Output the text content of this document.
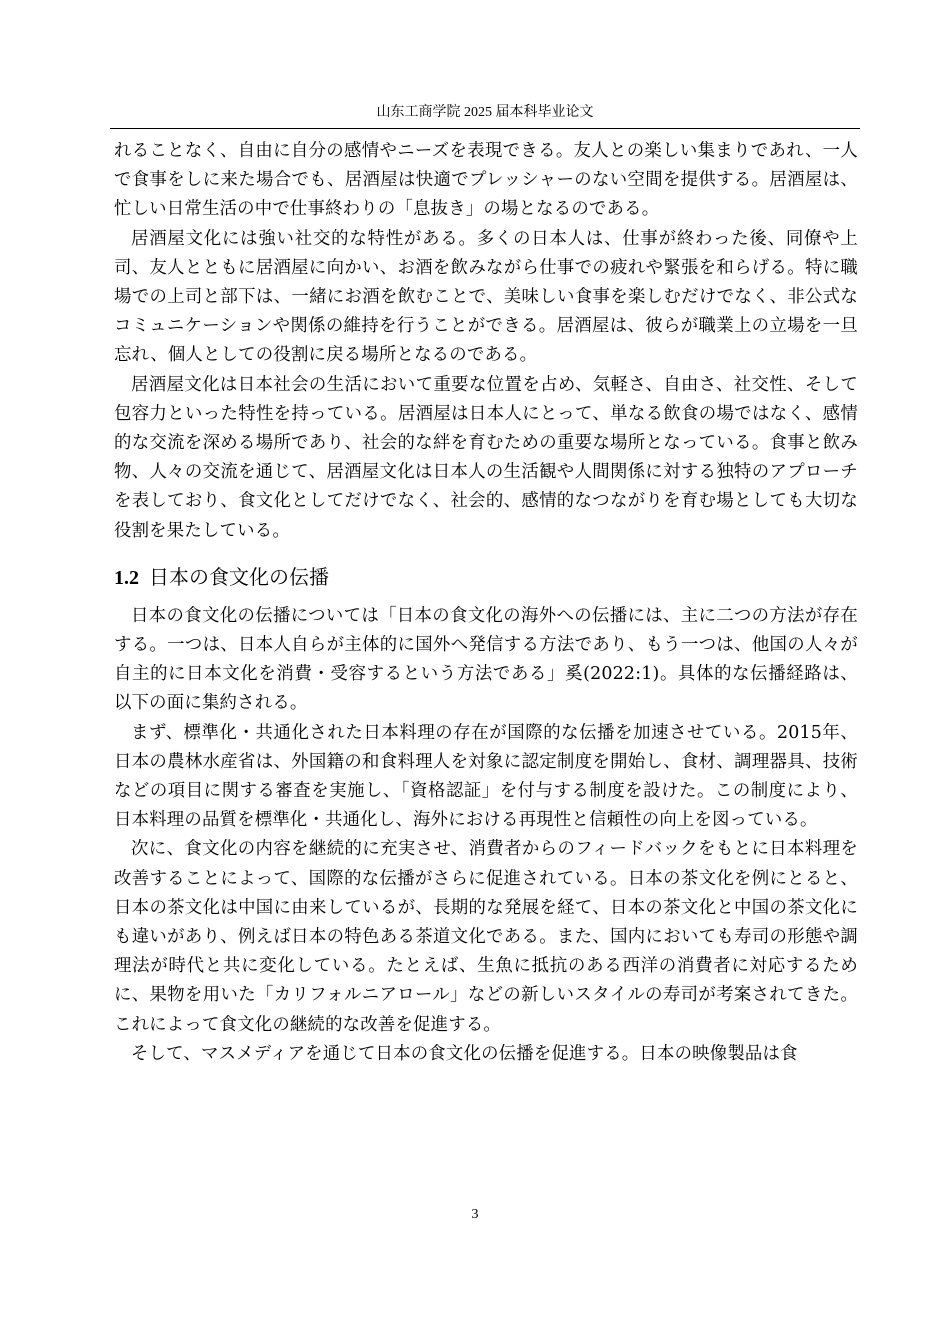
山东工商学院 2025 届本科毕业论文

れることなく、自由に自分の感情やニーズを表現できる。友人との楽しい集まりであれ、一人で食事をしに来た場合でも、居酒屋は快適でプレッシャーのない空間を提供する。居酒屋は、忙しい日常生活の中で仕事終わりの「息抜き」の場となるのである。

居酒屋文化には強い社交的な特性がある。多くの日本人は、仕事が終わった後、同僚や上司、友人とともに居酒屋に向かい、お酒を飲みながら仕事での疲れや緊張を和らげる。特に職場での上司と部下は、一緒にお酒を飲むことで、美味しい食事を楽しむだけでなく、非公式なコミュニケーションや関係の維持を行うことができる。居酒屋は、彼らが職業上の立場を一旦忘れ、個人としての役割に戻る場所となるのである。

居酒屋文化は日本社会の生活において重要な位置を占め、気軽さ、自由さ、社交性、そして包容力といった特性を持っている。居酒屋は日本人にとって、単なる飲食の場ではなく、感情的な交流を深める場所であり、社会的な絆を育むための重要な場所となっている。食事と飲み物、人々の交流を通じて、居酒屋文化は日本人の生活観や人間関係に対する独特のアプローチを表しており、食文化としてだけでなく、社会的、感情的なつながりを育む場としても大切な役割を果たしている。

1.2 日本の食文化の伝播

日本の食文化の伝播については「日本の食文化の海外への伝播には、主に二つの方法が存在する。一つは、日本人自らが主体的に国外へ発信する方法であり、もう一つは、他国の人々が自主的に日本文化を消費・受容するという方法である」奚(2022:1)。具体的な伝播経路は、以下の面に集約される。

まず、標準化・共通化された日本料理の存在が国際的な伝播を加速させている。2015年、日本の農林水産省は、外国籍の和食料理人を対象に認定制度を開始し、食材、調理器具、技術などの項目に関する審査を実施し、「資格認証」を付与する制度を設けた。この制度により、日本料理の品質を標準化・共通化し、海外における再現性と信頼性の向上を図っている。

次に、食文化の内容を継続的に充実させ、消費者からのフィードバックをもとに日本料理を改善することによって、国際的な伝播がさらに促進されている。日本の茶文化を例にとると、日本の茶文化は中国に由来しているが、長期的な発展を経て、日本の茶文化と中国の茶文化にも違いがあり、例えば日本の特色ある茶道文化である。また、国内においても寿司の形態や調理法が時代と共に変化している。たとえば、生魚に抵抗のある西洋の消費者に対応するために、果物を用いた「カリフォルニアロール」などの新しいスタイルの寿司が考案されてきた。これによって食文化の継続的な改善を促進する。

そして、マスメディアを通じて日本の食文化の伝播を促進する。日本の映像製品は食

3
